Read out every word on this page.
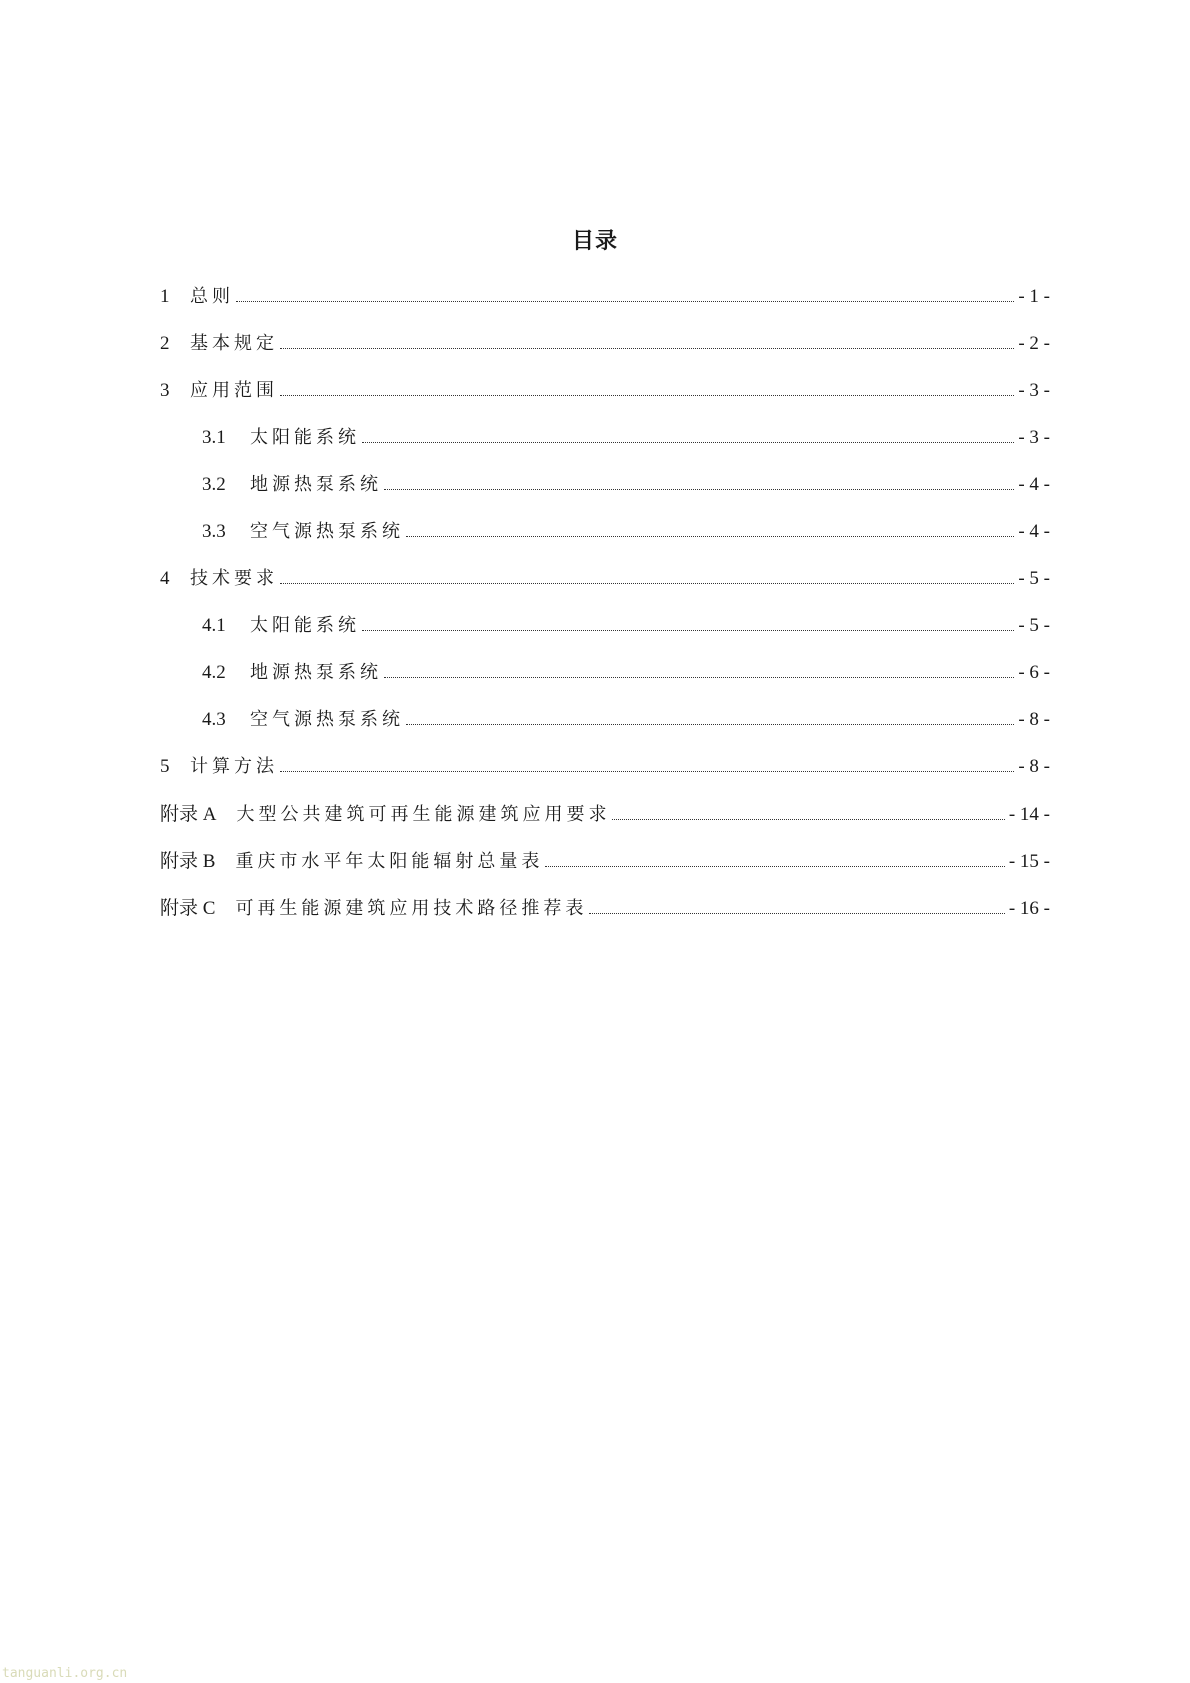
目录
1	总则	- 1 -
2	基本规定	- 2 -
3	应用范围	- 3 -
3.1	太阳能系统	- 3 -
3.2	地源热泵系统	- 4 -
3.3	空气源热泵系统	- 4 -
4	技术要求	- 5 -
4.1	太阳能系统	- 5 -
4.2	地源热泵系统	- 6 -
4.3	空气源热泵系统	- 8 -
5	计算方法	- 8 -
附录 A 大型公共建筑可再生能源建筑应用要求	- 14 -
附录 B 重庆市水平年太阳能辐射总量表	- 15 -
附录 C 可再生能源建筑应用技术路径推荐表	- 16 -
tanguanli.org.cn
